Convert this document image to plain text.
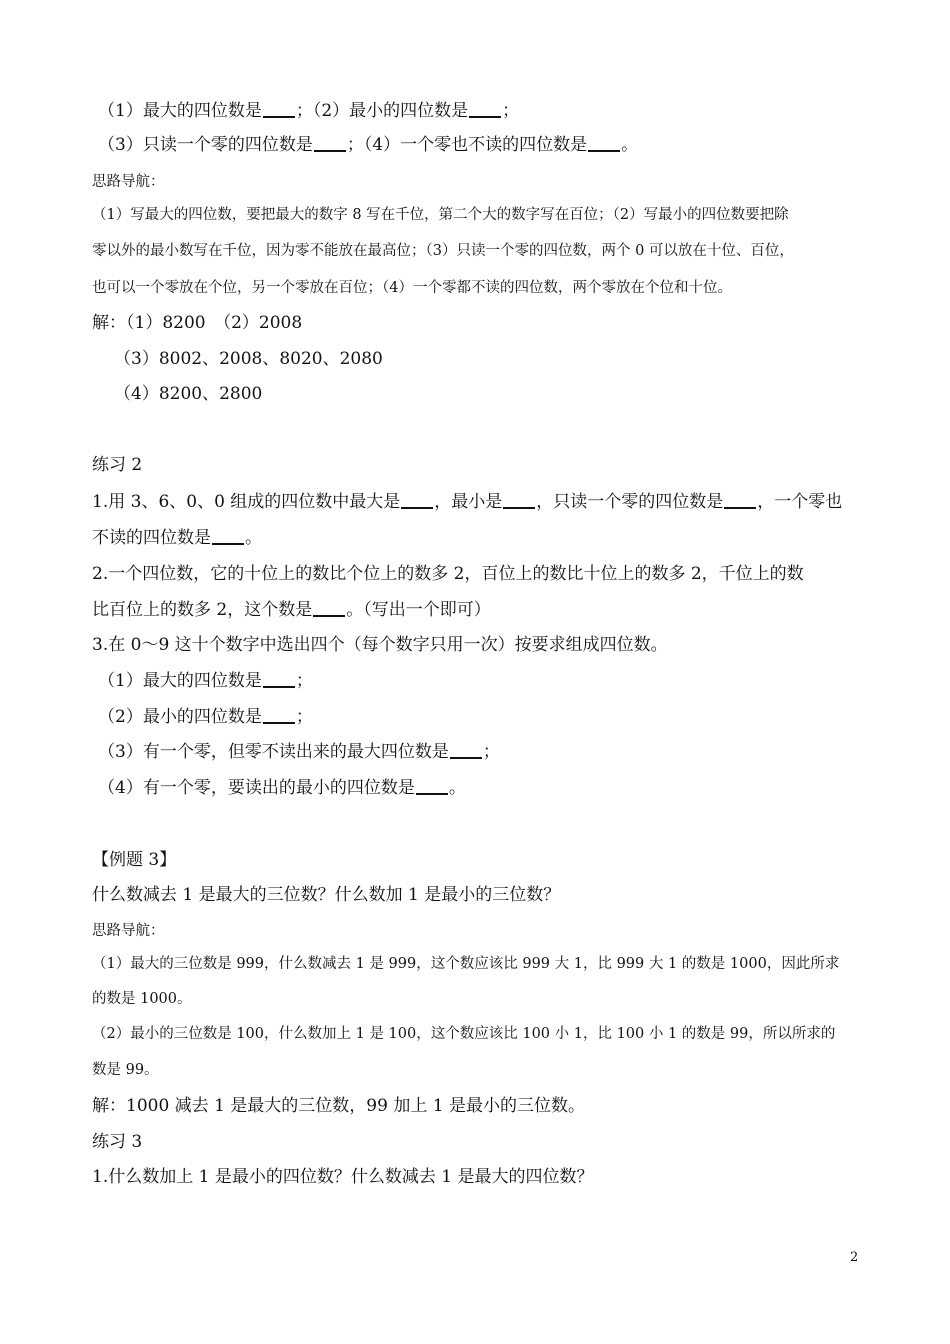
（1）最大的四位数是 ；（2）最小的四位数是 ；
（3）只读一个零的四位数是 ；（4）一个零也不读的四位数是 。
思路导航：
（1）写最大的四位数，要把最大的数字 8 写在千位，第二个大的数字写在百位；（2）写最小的四位数要把除
零以外的最小数写在千位，因为零不能放在最高位；（3）只读一个零的四位数，两个 0 可以放在十位、百位，
也可以一个零放在个位，另一个零放在百位；（4）一个零都不读的四位数，两个零放在个位和十位。
解：（1）8200　（2）2008
（3）8002、2008、8020、2080
（4）8200、2800
练习 2
1.用 3、6、0、0 组成的四位数中最大是 ，最小是 ，只读一个零的四位数是 ，一个零也
不读的四位数是 。
2.一个四位数，它的十位上的数比个位上的数多 2，百位上的数比十位上的数多 2，千位上的数
比百位上的数多 2，这个数是 。（写出一个即可）
3.在 0～9 这十个数字中选出四个（每个数字只用一次）按要求组成四位数。
（1）最大的四位数是 ；
（2）最小的四位数是 ；
（3）有一个零，但零不读出来的最大四位数是 ；
（4）有一个零，要读出的最小的四位数是 。
【例题 3】
什么数减去 1 是最大的三位数？什么数加 1 是最小的三位数？
思路导航：
（1）最大的三位数是 999，什么数减去 1 是 999，这个数应该比 999 大 1，比 999 大 1 的数是 1000，因此所求
的数是 1000。
（2）最小的三位数是 100，什么数加上 1 是 100，这个数应该比 100 小 1，比 100 小 1 的数是 99，所以所求的
数是 99。
解：1000 减去 1 是最大的三位数，99 加上 1 是最小的三位数。
练习 3
1.什么数加上 1 是最小的四位数？什么数减去 1 是最大的四位数？
2
